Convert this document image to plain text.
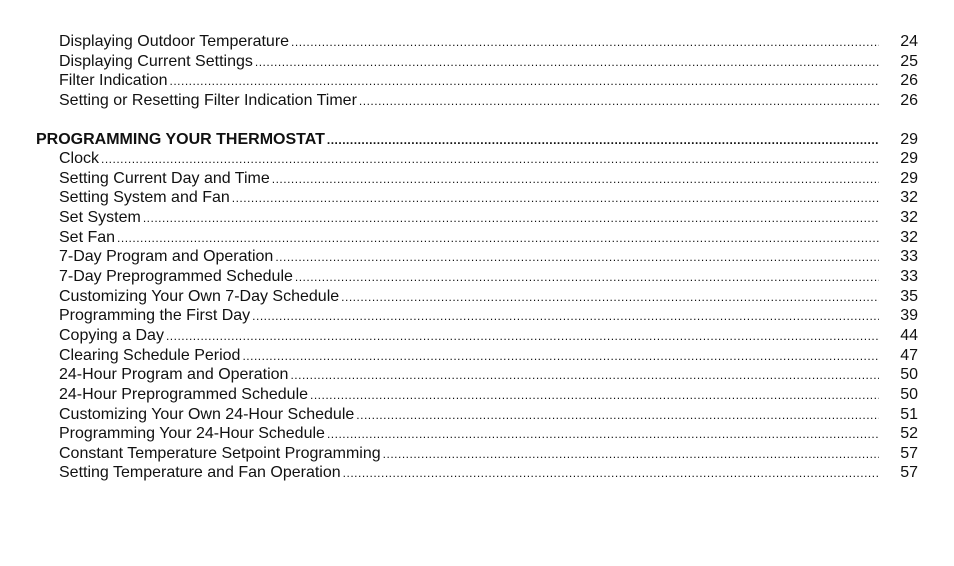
Displaying Outdoor Temperature .....	24
Displaying Current Settings .....	25
Filter Indication .....	26
Setting or Resetting Filter Indication Timer .....	26
PROGRAMMING YOUR THERMOSTAT .....	29
Clock .....	29
Setting Current Day and Time .....	29
Setting System and Fan .....	32
Set System .....	32
Set Fan .....	32
7-Day Program and Operation .....	33
7-Day Preprogrammed Schedule .....	33
Customizing Your Own 7-Day Schedule .....	35
Programming the First Day .....	39
Copying a Day .....	44
Clearing Schedule Period .....	47
24-Hour Program and Operation .....	50
24-Hour Preprogrammed Schedule .....	50
Customizing Your Own 24-Hour Schedule .....	51
Programming Your 24-Hour Schedule .....	52
Constant Temperature Setpoint Programming .....	57
Setting Temperature and Fan Operation .....	57
